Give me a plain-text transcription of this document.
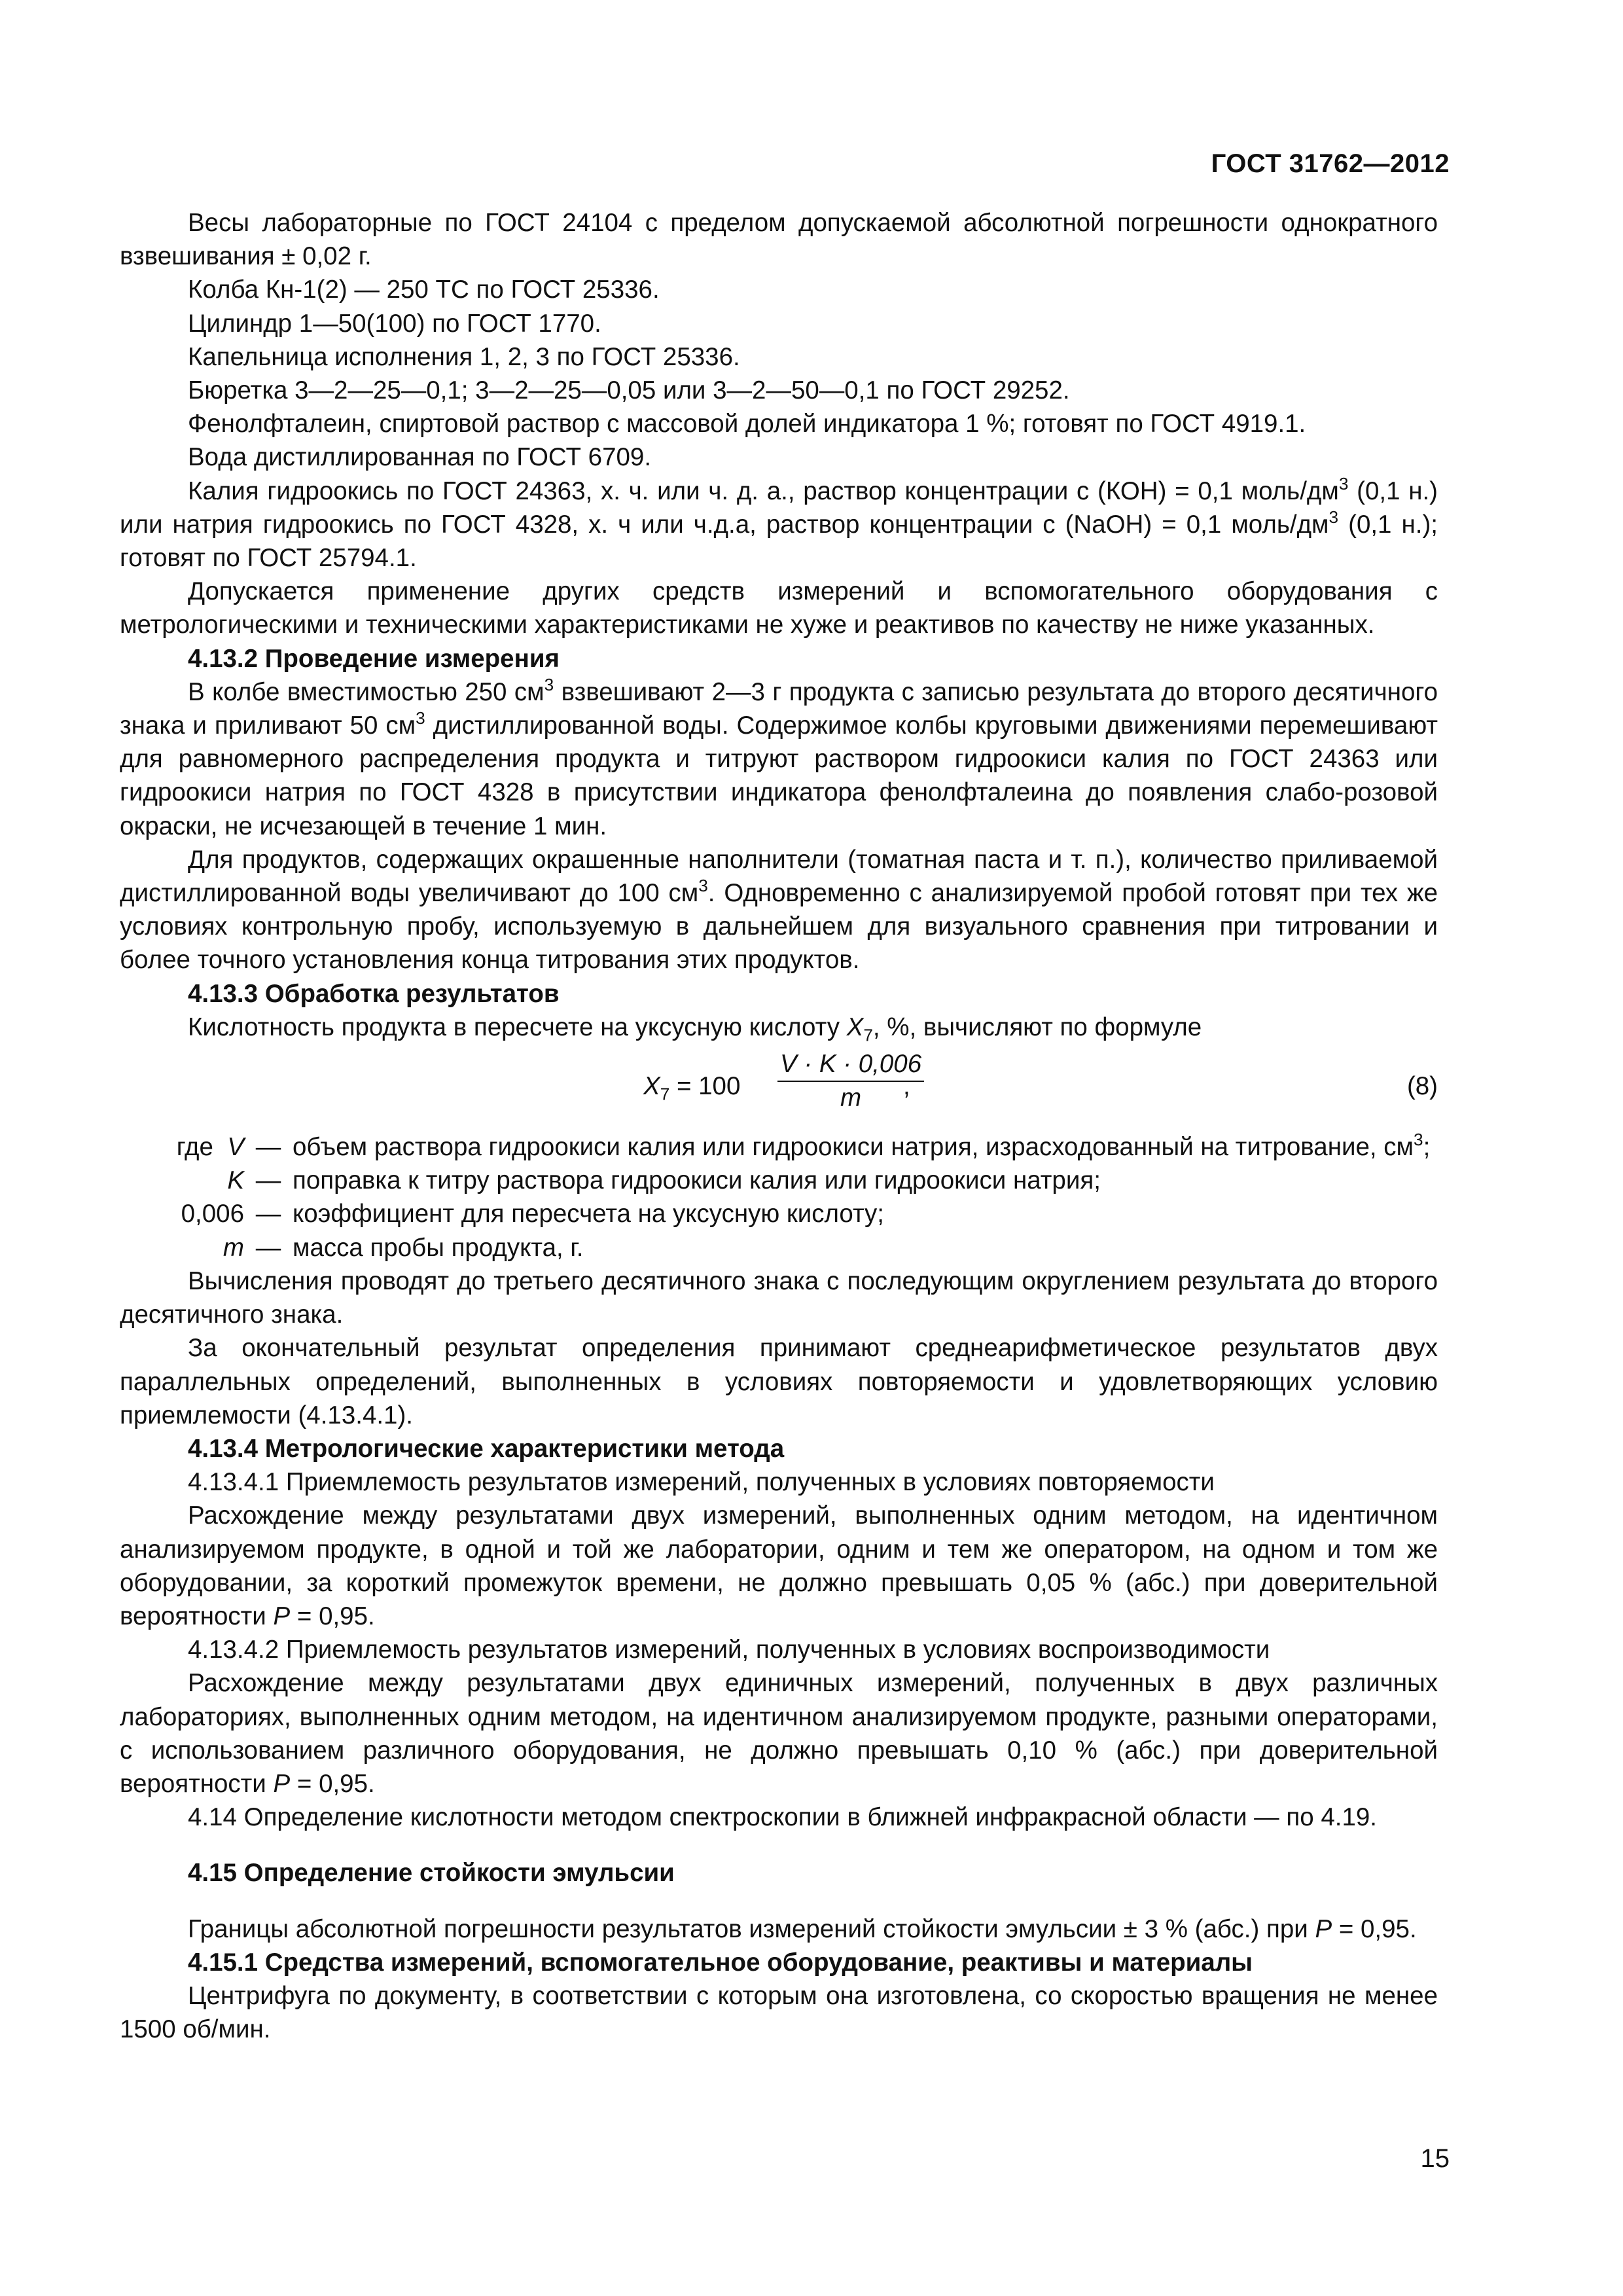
ГОСТ 31762—2012

Весы лабораторные по ГОСТ 24104 с пределом допускаемой абсолютной погрешности однократного взвешивания ± 0,02 г.

Колба Кн-1(2) — 250 ТС по ГОСТ 25336.

Цилиндр 1—50(100) по ГОСТ 1770.

Капельница исполнения 1, 2, 3 по ГОСТ 25336.

Бюретка 3—2—25—0,1; 3—2—25—0,05 или 3—2—50—0,1 по ГОСТ 29252.

Фенолфталеин, спиртовой раствор с массовой долей индикатора 1 %; готовят по ГОСТ 4919.1.

Вода дистиллированная по ГОСТ 6709.

Калия гидроокись по ГОСТ 24363, х. ч. или ч. д. а., раствор концентрации с (КОН) = 0,1 моль/$дм^3$ (0,1 н.) или натрия гидроокись по ГОСТ 4328, х. ч или ч.д.а, раствор концентрации с (NaOH) = 0,1 моль/$дм^3$ (0,1 н.); готовят по ГОСТ 25794.1.

Допускается применение других средств измерений и вспомогательного оборудования с метрологическими и техническими характеристиками не хуже и реактивов по качеству не ниже указанных.

4.13.2 Проведение измерения

В колбе вместимостью 250 $см^3$ взвешивают 2—3 г продукта с записью результата до второго десятичного знака и приливают 50 $см^3$ дистиллированной воды. Содержимое колбы круговыми движениями перемешивают для равномерного распределения продукта и титруют раствором гидроокиси калия по ГОСТ 24363 или гидроокиси натрия по ГОСТ 4328 в присутствии индикатора фенолфталеина до появления слабо-розовой окраски, не исчезающей в течение 1 мин.

Для продуктов, содержащих окрашенные наполнители (томатная паста и т. п.), количество приливаемой дистиллированной воды увеличивают до 100 $см^3$. Одновременно с анализируемой пробой готовят при тех же условиях контрольную пробу, используемую в дальнейшем для визуального сравнения при титровании и более точного установления конца титрования этих продуктов.

4.13.3 Обработка результатов

Кислотность продукта в пересчете на уксусную кислоту $X_7$, %, вычисляют по формуле

$X_7 = 100 \frac{V \cdot K \cdot 0,006}{m}$
,	(8)
где V — объем раствора гидроокиси калия или гидроокиси натрия, израсходованный на титрование, $см^3$;
K — поправка к титру раствора гидроокиси калия или гидроокиси натрия;
0,006 — коэффициент для пересчета на уксусную кислоту;
m — масса пробы продукта, г.

Вычисления проводят до третьего десятичного знака с последующим округлением результата до второго десятичного знака.

За окончательный результат определения принимают среднеарифметическое результатов двух параллельных определений, выполненных в условиях повторяемости и удовлетворяющих условию приемлемости (4.13.4.1).

4.13.4 Метрологические характеристики метода

4.13.4.1 Приемлемость результатов измерений, полученных в условиях повторяемости

Расхождение между результатами двух измерений, выполненных одним методом, на идентичном анализируемом продукте, в одной и той же лаборатории, одним и тем же оператором, на одном и том же оборудовании, за короткий промежуток времени, не должно превышать 0,05 % (абс.) при доверительной вероятности P = 0,95.

4.13.4.2 Приемлемость результатов измерений, полученных в условиях воспроизводимости

Расхождение между результатами двух единичных измерений, полученных в двух различных лабораториях, выполненных одним методом, на идентичном анализируемом продукте, разными операторами, с использованием различного оборудования, не должно превышать 0,10 % (абс.) при доверительной вероятности P = 0,95.

4.14 Определение кислотности методом спектроскопии в ближней инфракрасной области — по 4.19.

4.15 Определение стойкости эмульсии

Границы абсолютной погрешности результатов измерений стойкости эмульсии ± 3 % (абс.) при P = 0,95.

4.15.1 Средства измерений, вспомогательное оборудование, реактивы и материалы

Центрифуга по документу, в соответствии с которым она изготовлена, со скоростью вращения не менее 1500 об/мин.

15
